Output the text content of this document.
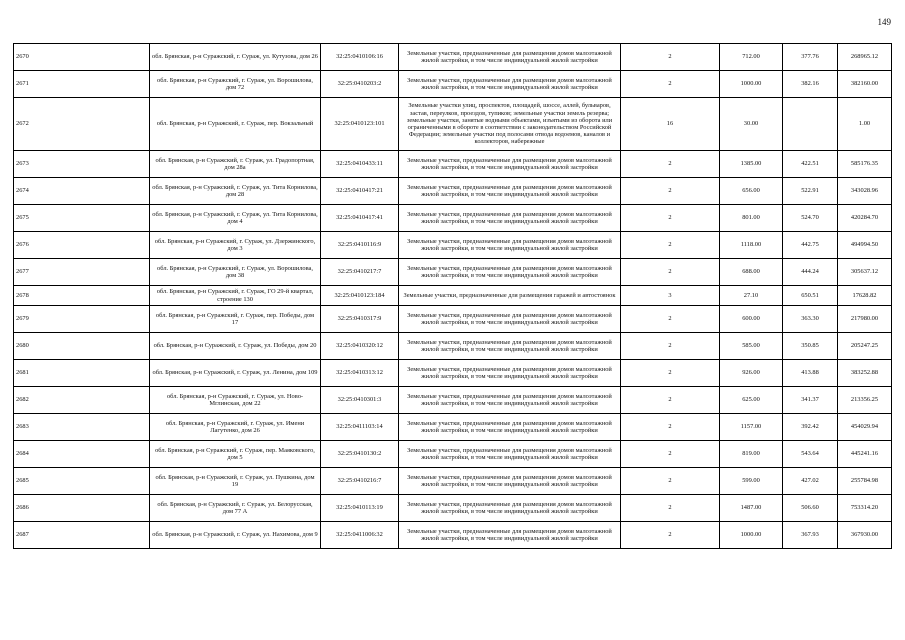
149
2670	обл. Брянская, р-н Суражский, г. Сураж, ул. Кутузова, дом 26	32:25:0410106:16	Земельные участки, предназначенные для размещения домов малоэтажной жилой застройки, в том числе индивидуальной жилой застройки	2	712.00	377.76	268965.12
2671	обл. Брянская, р-н Суражский, г. Сураж, ул. Ворошилова, дом 72	32:25:0410203:2	Земельные участки, предназначенные для размещения домов малоэтажной жилой застройки, в том числе индивидуальной жилой застройки	2	1000.00	382.16	382160.00
2672	обл. Брянская, р-н Суражский, г. Сураж, пер. Вокзальный	32:25:0410123:101	Земельные участки улиц, проспектов, площадей, шоссе, аллей, бульваров, застав, переулков, проездов, тупиков; земельные участки земель резерва; земельные участки, занятые водными объектами, изъятыми из оборота или ограниченными в обороте в соответствии с законодательством Российской Федерации; земельные участки под полосами отвода водоемов, каналов и коллекторов, набережные	16	30.00		1.00
2673	обл. Брянская, р-н Суражский, г. Сураж, ул. Градопортная, дом 28а	32:25:0410433:11	Земельные участки, предназначенные для размещения домов малоэтажной жилой застройки, в том числе индивидуальной жилой застройки	2	1385.00	422.51	585176.35
2674	обл. Брянская, р-н Суражский, г. Сураж, ул. Тита Корнилова, дом 28	32:25:0410417:21	Земельные участки, предназначенные для размещения домов малоэтажной жилой застройки, в том числе индивидуальной жилой застройки	2	656.00	522.91	343028.96
2675	обл. Брянская, р-н Суражский, г. Сураж, ул. Тита Корнилова, дом 4	32:25:0410417:41	Земельные участки, предназначенные для размещения домов малоэтажной жилой застройки, в том числе индивидуальной жилой застройки	2	801.00	524.70	420284.70
2676	обл. Брянская, р-н Суражский, г. Сураж, ул. Дзержинского, дом 3	32:25:0410116:9	Земельные участки, предназначенные для размещения домов малоэтажной жилой застройки, в том числе индивидуальной жилой застройки	2	1118.00	442.75	494994.50
2677	обл. Брянская, р-н Суражский, г. Сураж, ул. Ворошилова, дом 38	32:25:0410217:7	Земельные участки, предназначенные для размещения домов малоэтажной жилой застройки, в том числе индивидуальной жилой застройки	2	688.00	444.24	305637.12
2678	обл. Брянская, р-н Суражский, г. Сураж, ГО 29-й квартал, строение 130	32:25:0410123:184	Земельные участки, предназначенные для размещения гаражей и автостоянок	3	27.10	650.51	17628.82
2679	обл. Брянская, р-н Суражский, г. Сураж, пер. Победы, дом 17	32:25:0410317:9	Земельные участки, предназначенные для размещения домов малоэтажной жилой застройки, в том числе индивидуальной жилой застройки	2	600.00	363.30	217980.00
2680	обл. Брянская, р-н Суражский, г. Сураж, ул. Победы, дом 20	32:25:0410320:12	Земельные участки, предназначенные для размещения домов малоэтажной жилой застройки, в том числе индивидуальной жилой застройки	2	585.00	350.85	205247.25
2681	обл. Брянская, р-н Суражский, г. Сураж, ул. Ленина, дом 109	32:25:0410313:12	Земельные участки, предназначенные для размещения домов малоэтажной жилой застройки, в том числе индивидуальной жилой застройки	2	926.00	413.88	383252.88
2682	обл. Брянская, р-н Суражский, г. Сураж, ул. Ново-Мглинская, дом 22	32:25:0410301:3	Земельные участки, предназначенные для размещения домов малоэтажной жилой застройки, в том числе индивидуальной жилой застройки	2	625.00	341.37	213356.25
2683	обл. Брянская, р-н Суражский, г. Сураж, ул. Имени Лагутенко, дом 26	32:25:0411103:14	Земельные участки, предназначенные для размещения домов малоэтажной жилой застройки, в том числе индивидуальной жилой застройки	2	1157.00	392.42	454029.94
2684	обл. Брянская, р-н Суражский, г. Сураж, пер. Маяковского, дом 5	32:25:0410130:2	Земельные участки, предназначенные для размещения домов малоэтажной жилой застройки, в том числе индивидуальной жилой застройки	2	819.00	543.64	445241.16
2685	обл. Брянская, р-н Суражский, г. Сураж, ул. Пушкина, дом 19	32:25:0410216:7	Земельные участки, предназначенные для размещения домов малоэтажной жилой застройки, в том числе индивидуальной жилой застройки	2	599.00	427.02	255784.98
2686	обл. Брянская, р-н Суражский, г. Сураж, ул. Белорусская, дом 77 А	32:25:0410113:19	Земельные участки, предназначенные для размещения домов малоэтажной жилой застройки, в том числе индивидуальной жилой застройки	2	1487.00	506.60	753314.20
2687	обл. Брянская, р-н Суражский, г. Сураж, ул. Нахимова, дом 9	32:25:0411006:32	Земельные участки, предназначенные для размещения домов малоэтажной жилой застройки, в том числе индивидуальной жилой застройки	2	1000.00	367.93	367930.00
